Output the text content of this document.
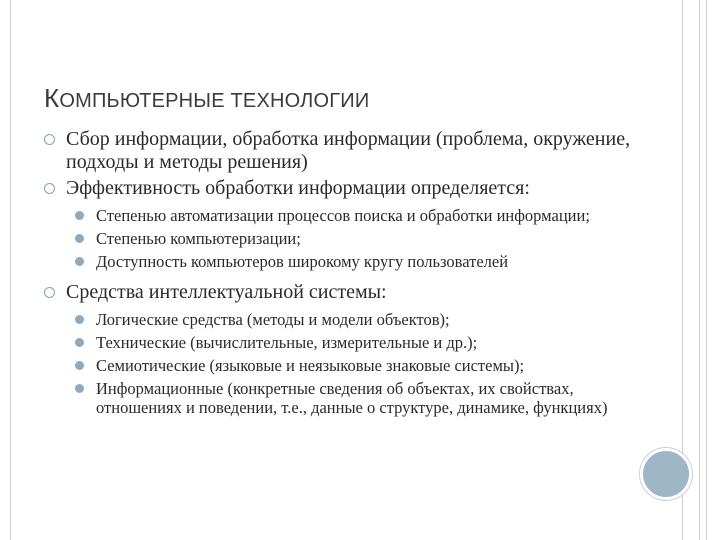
КОМПЬЮТЕРНЫЕ ТЕХНОЛОГИИ
Сбор информации, обработка информации (проблема, окружение, подходы и методы решения)
Эффективность обработки информации определяется:
Степенью автоматизации процессов поиска и обработки информации;
Степенью компьютеризации;
Доступность компьютеров широкому кругу пользователей
Средства интеллектуальной системы:
Логические средства (методы и модели объектов);
Технические (вычислительные, измерительные и др.);
Семиотические (языковые и неязыковые знаковые системы);
Информационные (конкретные сведения об объектах, их свойствах, отношениях и поведении, т.е., данные о структуре, динамике, функциях)
